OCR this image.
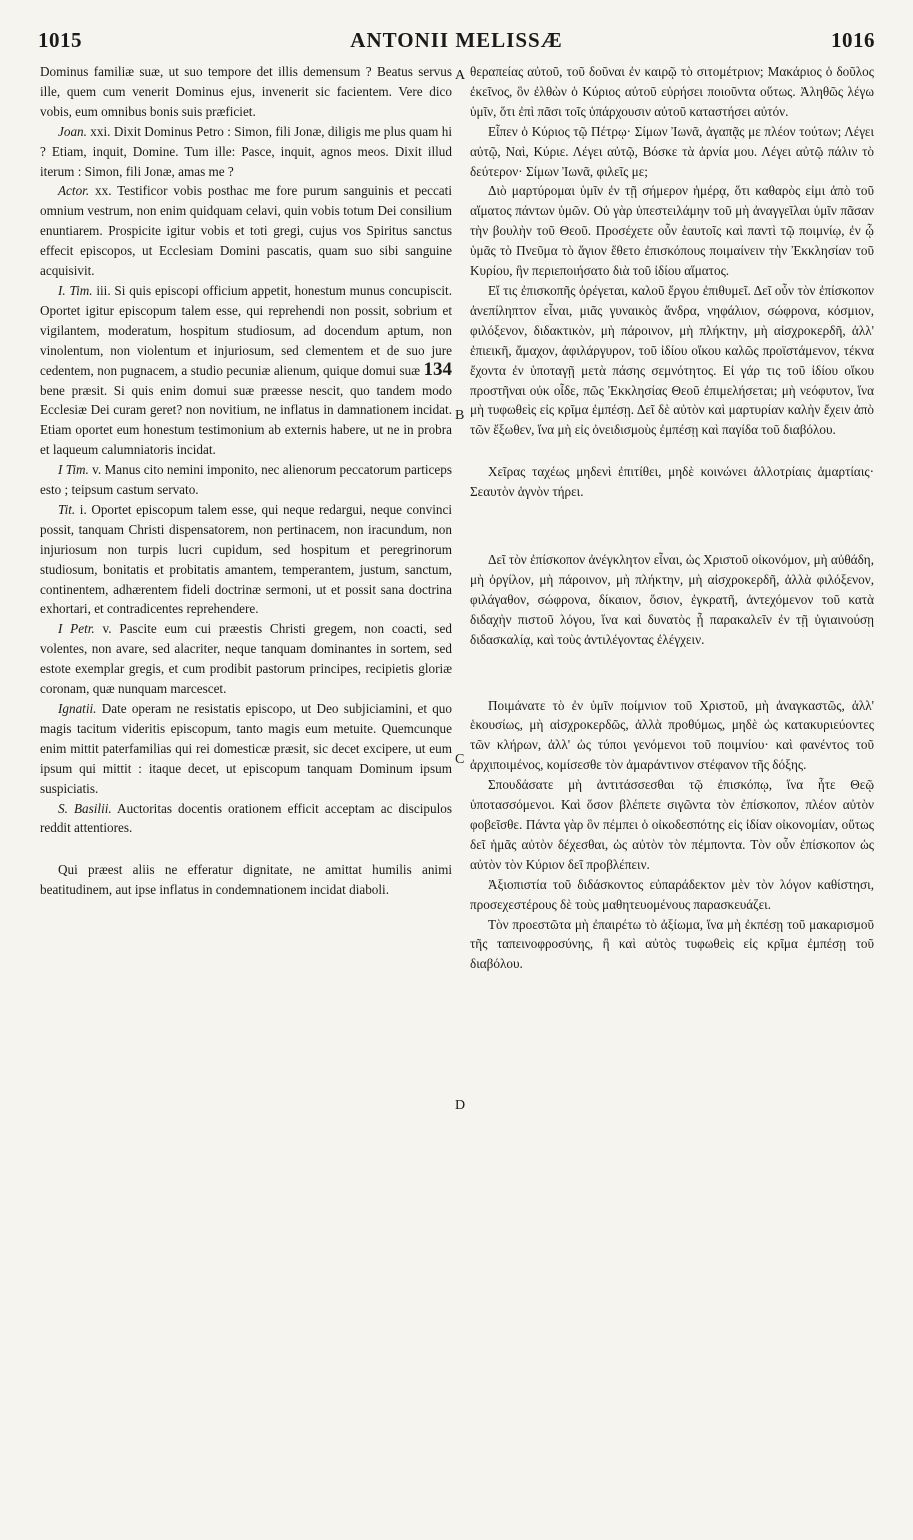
1015	ANTONII MELISSÆ	1016
A
B
C
D

Dominus familiæ suæ, ut suo tempore det illis demensum ? Beatus servus ille, quem cum venerit Dominus ejus, invenerit sic facientem. Vere dico vobis, eum omnibus bonis suis præficiet.

Joan. xxi. Dixit Dominus Petro : Simon, fili Jonæ, diligis me plus quam hi ? Etiam, inquit, Domine. Tum ille: Pasce, inquit, agnos meos. Dixit illud iterum : Simon, fili Jonæ, amas me ?

Actor. xx. Testificor vobis posthac me fore purum sanguinis et peccati omnium vestrum, non enim quidquam celavi, quin vobis totum Dei consilium enuntiarem. Prospicite igitur vobis et toti gregi, cujus vos Spiritus sanctus effecit episcopos, ut Ecclesiam Domini pascatis, quam suo sibi sanguine acquisivit.

I. Tim. iii. Si quis episcopi officium appetit, honestum munus concupiscit. Oportet igitur episcopum talem esse, qui reprehendi non possit, sobrium et vigilantem, moderatum, hospitum studiosum, ad docendum aptum, non vinolentum, non violentum et injuriosum, sed clementem et de suo jure cedentem, non pugnacem, a studio pecuniæ alienum, quique domui suæ 134 bene præsit. Si quis enim domui suæ præesse nescit, quo tandem modo Ecclesiæ Dei curam geret? non novitium, ne inflatus in damnationem incidat. Etiam oportet eum honestum testimonium ab externis habere, ut ne in probra et laqueum calumniatoris incidat.

I Tim. v. Manus cito nemini imponito, nec alienorum peccatorum particeps esto ; teipsum castum servato.

Tit. i. Oportet episcopum talem esse, qui neque redargui, neque convinci possit, tanquam Christi dispensatorem, non pertinacem, non iracundum, non injuriosum non turpis lucri cupidum, sed hospitum et peregrinorum studiosum, bonitatis et probitatis amantem, temperantem, justum, sanctum, continentem, adhærentem fideli doctrinæ sermoni, ut et possit sana doctrina exhortari, et contradicentes reprehendere.

I Petr. v. Pascite eum cui præestis Christi gregem, non coacti, sed volentes, non avare, sed alacriter, neque tanquam dominantes in sortem, sed estote exemplar gregis, et cum prodibit pastorum principes, recipietis gloriæ coronam, quæ nunquam marcescet.

Ignatii. Date operam ne resistatis episcopo, ut Deo subjiciamini, et quo magis tacitum videritis episcopum, tanto magis eum metuite. Quemcunque enim mittit paterfamilias qui rei domesticæ præsit, sic decet excipere, ut eum ipsum qui mittit : itaque decet, ut episcopum tanquam Dominum ipsum suspiciatis.

S. Basilii. Auctoritas docentis orationem efficit acceptam ac discipulos reddit attentiores.

Qui præest aliis ne efferatur dignitate, ne amittat humilis animi beatitudinem, aut ipse inflatus in condemnationem incidat diaboli.

θεραπείας αὐτοῦ, τοῦ δοῦναι ἐν καιρῷ τὸ σιτομέτριον; Μακάριος ὁ δοῦλος ἐκεῖνος, ὃν ἐλθὼν ὁ Κύριος αὐτοῦ εὑρήσει ποιοῦντα οὕτως. Ἀληθῶς λέγω ὑμῖν, ὅτι ἐπὶ πᾶσι τοῖς ὑπάρχουσιν αὐτοῦ καταστήσει αὐτόν.

Εἶπεν ὁ Κύριος τῷ Πέτρῳ· Σίμων Ἰωνᾶ, ἀγαπᾷς με πλέον τούτων; Λέγει αὐτῷ, Ναὶ, Κύριε. Λέγει αὐτῷ, Βόσκε τὰ ἀρνία μου. Λέγει αὐτῷ πάλιν τὸ δεύτερον· Σίμων Ἰωνᾶ, φιλεῖς με;

Διὸ μαρτύρομαι ὑμῖν ἐν τῇ σήμερον ἡμέρᾳ, ὅτι καθαρὸς εἰμι ἀπὸ τοῦ αἵματος πάντων ὑμῶν. Οὐ γὰρ ὑπεστειλάμην τοῦ μὴ ἀναγγεῖλαι ὑμῖν πᾶσαν τὴν βουλὴν τοῦ Θεοῦ. Προσέχετε οὖν ἑαυτοῖς καὶ παντὶ τῷ ποιμνίῳ, ἐν ᾧ ὑμᾶς τὸ Πνεῦμα τὸ ἅγιον ἔθετο ἐπισκόπους ποιμαίνειν τὴν Ἐκκλησίαν τοῦ Κυρίου, ἣν περιεποιήσατο διὰ τοῦ ἰδίου αἵματος.

Εἴ τις ἐπισκοπῆς ὀρέγεται, καλοῦ ἔργου ἐπιθυμεῖ. Δεῖ οὖν τὸν ἐπίσκοπον ἀνεπίληπτον εἶναι, μιᾶς γυναικὸς ἄνδρα, νηφάλιον, σώφρονα, κόσμιον, φιλόξενον, διδακτικὸν, μὴ πάροινον, μὴ πλήκτην, μὴ αἰσχροκερδῆ, ἀλλ' ἐπιεικῆ, ἄμαχον, ἀφιλάργυρον, τοῦ ἰδίου οἴκου καλῶς προϊστάμενον, τέκνα ἔχοντα ἐν ὑποταγῇ μετὰ πάσης σεμνότητος. Εἰ γάρ τις τοῦ ἰδίου οἴκου προστῆναι οὐκ οἶδε, πῶς Ἐκκλησίας Θεοῦ ἐπιμελήσεται; μὴ νεόφυτον, ἵνα μὴ τυφωθεὶς εἰς κρῖμα ἐμπέσῃ. Δεῖ δὲ αὐτὸν καὶ μαρτυρίαν καλὴν ἔχειν ἀπὸ τῶν ἔξωθεν, ἵνα μὴ εἰς ὀνειδισμοὺς ἐμπέσῃ καὶ παγίδα τοῦ διαβόλου.

Χεῖρας ταχέως μηδενὶ ἐπιτίθει, μηδὲ κοινώνει ἀλλοτρίαις ἁμαρτίαις· Σεαυτὸν ἁγνὸν τήρει.

Δεῖ τὸν ἐπίσκοπον ἀνέγκλητον εἶναι, ὡς Χριστοῦ οἰκονόμον, μὴ αὐθάδη, μὴ ὀργίλον, μὴ πάροινον, μὴ πλήκτην, μὴ αἰσχροκερδῆ, ἀλλὰ φιλόξενον, φιλάγαθον, σώφρονα, δίκαιον, ὅσιον, ἐγκρατῆ, ἀντεχόμενον τοῦ κατὰ διδαχὴν πιστοῦ λόγου, ἵνα καὶ δυνατὸς ᾖ παρακαλεῖν ἐν τῇ ὑγιαινούσῃ διδασκαλίᾳ, καὶ τοὺς ἀντιλέγοντας ἐλέγχειν.

Ποιμάνατε τὸ ἐν ὑμῖν ποίμνιον τοῦ Χριστοῦ, μὴ ἀναγκαστῶς, ἀλλ' ἑκουσίως, μὴ αἰσχροκερδῶς, ἀλλὰ προθύμως, μηδὲ ὡς κατακυριεύοντες τῶν κλήρων, ἀλλ' ὡς τύποι γενόμενοι τοῦ ποιμνίου· καὶ φανέντος τοῦ ἀρχιποιμένος, κομίσεσθε τὸν ἀμαράντινον στέφανον τῆς δόξης.

Σπουδάσατε μὴ ἀντιτάσσεσθαι τῷ ἐπισκόπῳ, ἵνα ἦτε Θεῷ ὑποτασσόμενοι. Καὶ ὅσον βλέπετε σιγῶντα τὸν ἐπίσκοπον, πλέον αὐτὸν φοβεῖσθε. Πάντα γὰρ ὃν πέμπει ὁ οἰκοδεσπότης εἰς ἰδίαν οἰκονομίαν, οὕτως δεῖ ἡμᾶς αὐτὸν δέχεσθαι, ὡς αὐτὸν τὸν πέμποντα. Τὸν οὖν ἐπίσκοπον ὡς αὐτὸν τὸν Κύριον δεῖ προβλέπειν.

Ἀξιοπιστία τοῦ διδάσκοντος εὐπαράδεκτον μὲν τὸν λόγον καθίστησι, προσεχεστέρους δὲ τοὺς μαθητευομένους παρασκευάζει.

Τὸν προεστῶτα μὴ ἐπαιρέτω τὸ ἀξίωμα, ἵνα μὴ ἐκπέσῃ τοῦ μακαρισμοῦ τῆς ταπεινοφροσύνης, ἢ καὶ αὐτὸς τυφωθεὶς εἰς κρῖμα ἐμπέσῃ τοῦ διαβόλου.
